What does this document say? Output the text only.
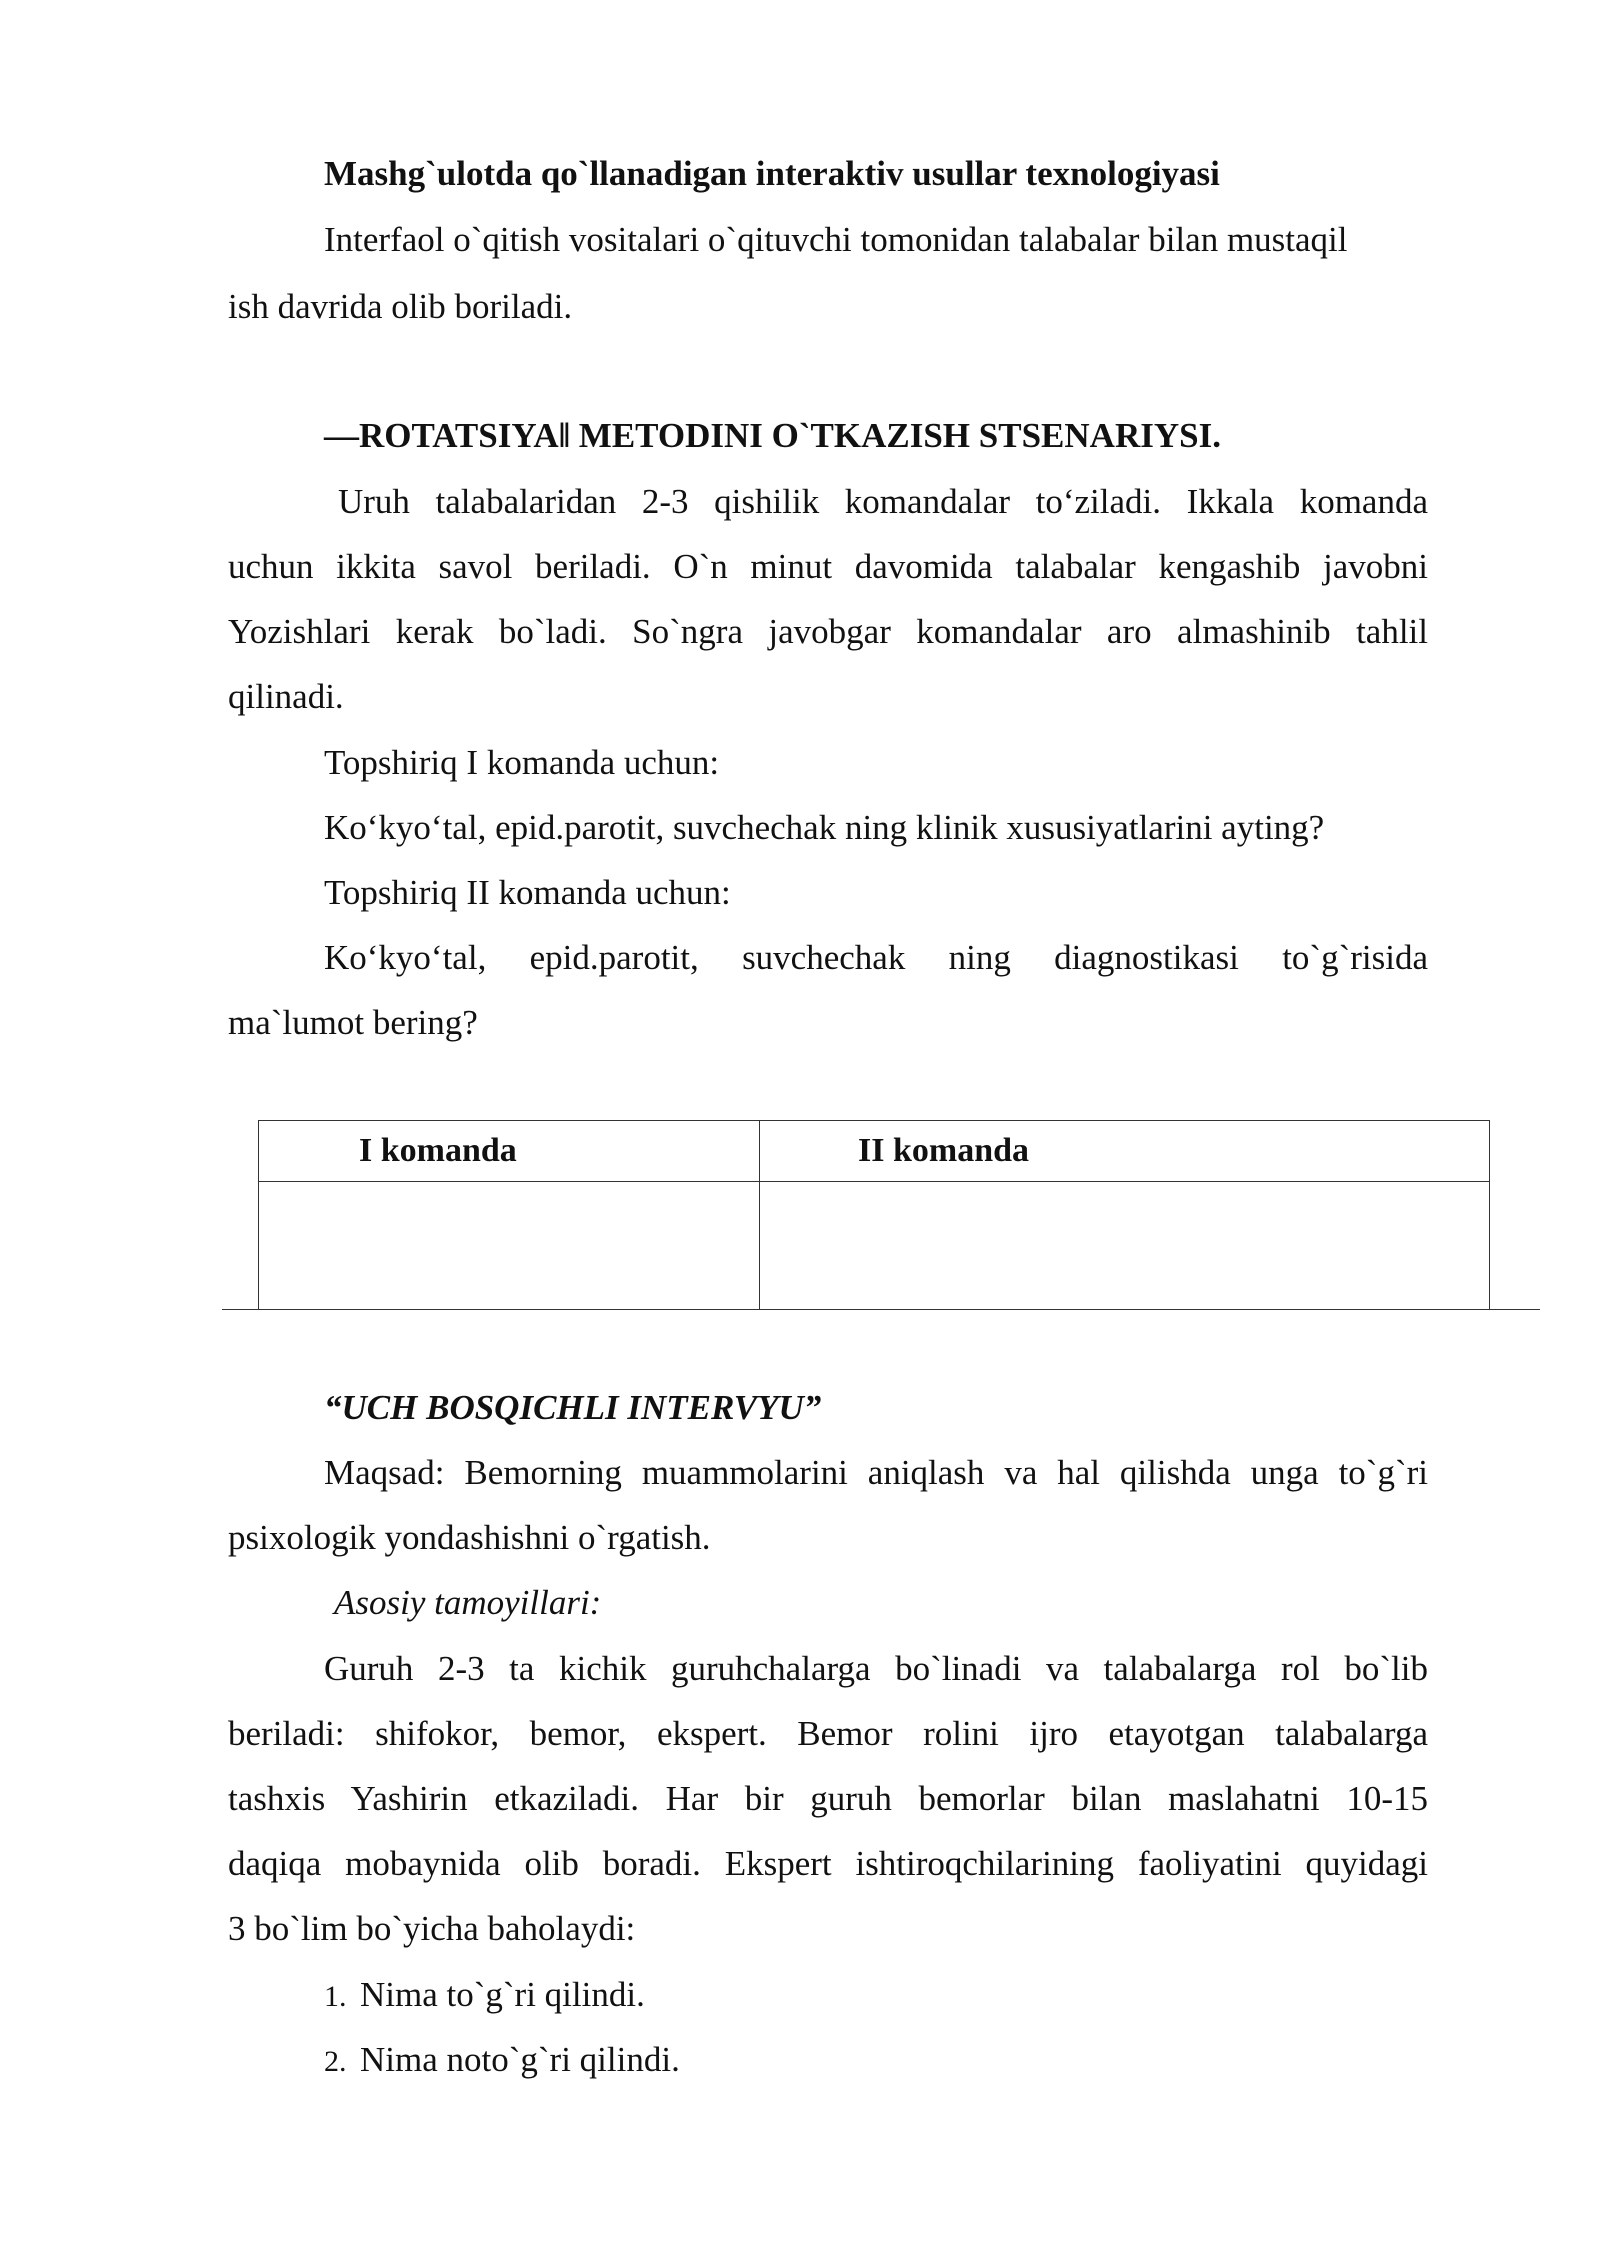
Mashg`ulotda qo`llanadigan interaktiv usullar texnologiyasi
Interfaol o`qitish vositalari o`qituvchi tomonidan talabalar bilan mustaqil
ish davrida olib boriladi.
―ROTATSIYA‖ METODINI O`TKAZISH STSENARIYSI.
Uruh talabalaridan 2-3 qishilik komandalar to‘ziladi. Ikkala komanda
uchun ikkita savol beriladi. O`n minut davomida talabalar kengashib javobni
Yozishlari kerak bo`ladi. So`ngra javobgar komandalar aro almashinib tahlil
qilinadi.
Topshiriq I komanda uchun:
Ko‘kyo‘tal, epid.parotit, suvchechak ning klinik xususiyatlarini ayting?
Topshiriq II komanda uchun:
Ko‘kyo‘tal, epid.parotit, suvchechak ning diagnostikasi to`g`risida
ma`lumot bering?
I komanda	II komanda

“UCH BOSQICHLI INTERVYU”
Maqsad: Bemorning muammolarini aniqlash va hal qilishda unga to`g`ri
psixologik yondashishni o`rgatish.
Asosiy tamoyillari:
Guruh 2-3 ta kichik guruhchalarga bo`linadi va talabalarga rol bo`lib
beriladi: shifokor, bemor, ekspert. Bemor rolini ijro etayotgan talabalarga
tashxis Yashirin etkaziladi. Har bir guruh bemorlar bilan maslahatni 10-15
daqiqa mobaynida olib boradi. Ekspert ishtiroqchilarining faoliyatini quyidagi
3 bo`lim bo`yicha baholaydi:
1. Nima to`g`ri qilindi.
2. Nima noto`g`ri qilindi.
